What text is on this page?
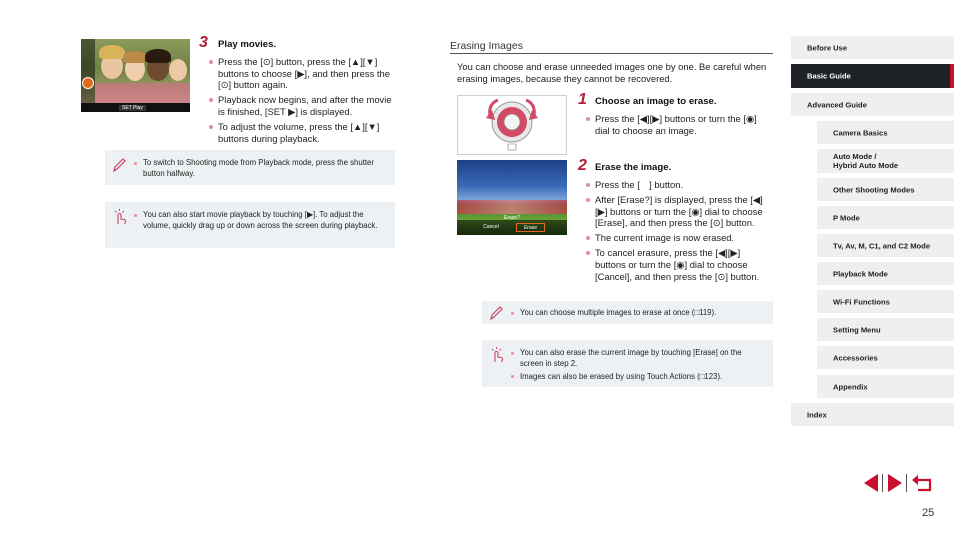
SET Play
3 Play movies.
Press the [⊙] button, press the [▲][▼] buttons to choose [▶], and then press the [⊙] button again.
Playback now begins, and after the movie is finished, [SET ▶] is displayed.
To adjust the volume, press the [▲][▼] buttons during playback.
To switch to Shooting mode from Playback mode, press the shutter button halfway.
You can also start movie playback by touching [▶]. To adjust the volume, quickly drag up or down across the screen during playback.
Erasing Images
You can choose and erase unneeded images one by one. Be careful when erasing images, because they cannot be recovered.
1 Choose an image to erase.
Press the [◀][▶] buttons or turn the [◉] dial to choose an image.
Erase?
Cancel	Erase
2 Erase the image.
Press the [ ] button.
After [Erase?] is displayed, press the [◀][▶] buttons or turn the [◉] dial to choose [Erase], and then press the [⊙] button.
The current image is now erased.
To cancel erasure, press the [◀][▶] buttons or turn the [◉] dial to choose [Cancel], and then press the [⊙] button.
You can choose multiple images to erase at once (□119).
You can also erase the current image by touching [Erase] on the screen in step 2.
Images can also be erased by using Touch Actions (□123).
Before Use
Basic Guide
Advanced Guide
Camera Basics
Auto Mode /
Hybrid Auto Mode
Other Shooting Modes
P Mode
Tv, Av, M, C1, and C2 Mode
Playback Mode
Wi-Fi Functions
Setting Menu
Accessories
Appendix
Index
25
